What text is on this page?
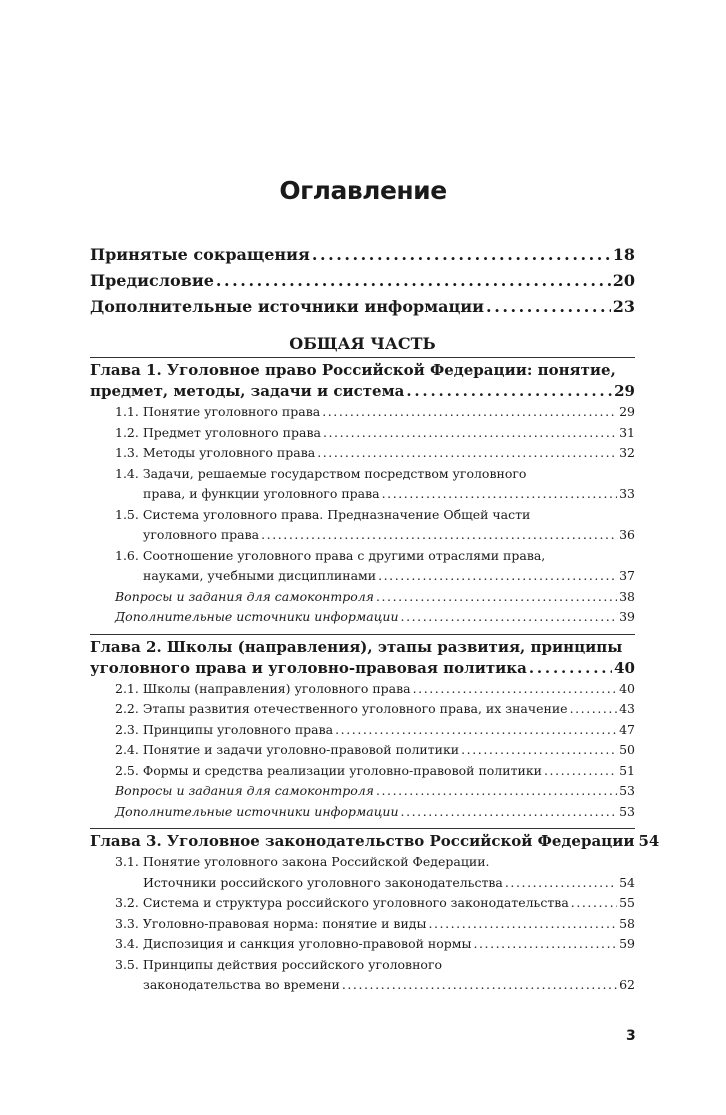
Оглавление
Принятые сокращения . . .	18
Предисловие . . .	20
Дополнительные источники информации . . .	23
ОБЩАЯ ЧАСТЬ
Глава 1. Уголовное право Российской Федерации: понятие,
предмет, методы, задачи и система . . .	29
1.1. Понятие уголовного права . . .	29
1.2. Предмет уголовного права . . .	31
1.3. Методы уголовного права . . .	32
1.4. Задачи, решаемые государством посредством уголовного
права, и функции уголовного права . . .	33
1.5. Система уголовного права. Предназначение Общей части
уголовного права . . .	36
1.6. Соотношение уголовного права с другими отраслями права,
науками, учебными дисциплинами . . .	37
Вопросы и задания для самоконтроля . . .	38
Дополнительные источники информации . . .	39
Глава 2. Школы (направления), этапы развития, принципы
уголовного права и уголовно-правовая политика . . .	40
2.1. Школы (направления) уголовного права . . .	40
2.2. Этапы развития отечественного уголовного права, их значение . . .	43
2.3. Принципы уголовного права . . .	47
2.4. Понятие и задачи уголовно-правовой политики . . .	50
2.5. Формы и средства реализации уголовно-правовой политики . . .	51
Вопросы и задания для самоконтроля . . .	53
Дополнительные источники информации . . .	53
Глава 3. Уголовное законодательство Российской Федерации 54
3.1. Понятие уголовного закона Российской Федерации.
Источники российского уголовного законодательства . . .	54
3.2. Система и структура российского уголовного законодательства . . .	55
3.3. Уголовно-правовая норма: понятие и виды . . .	58
3.4. Диспозиция и санкция уголовно-правовой нормы . . .	59
3.5. Принципы действия российского уголовного
законодательства во времени . . .	62
3
